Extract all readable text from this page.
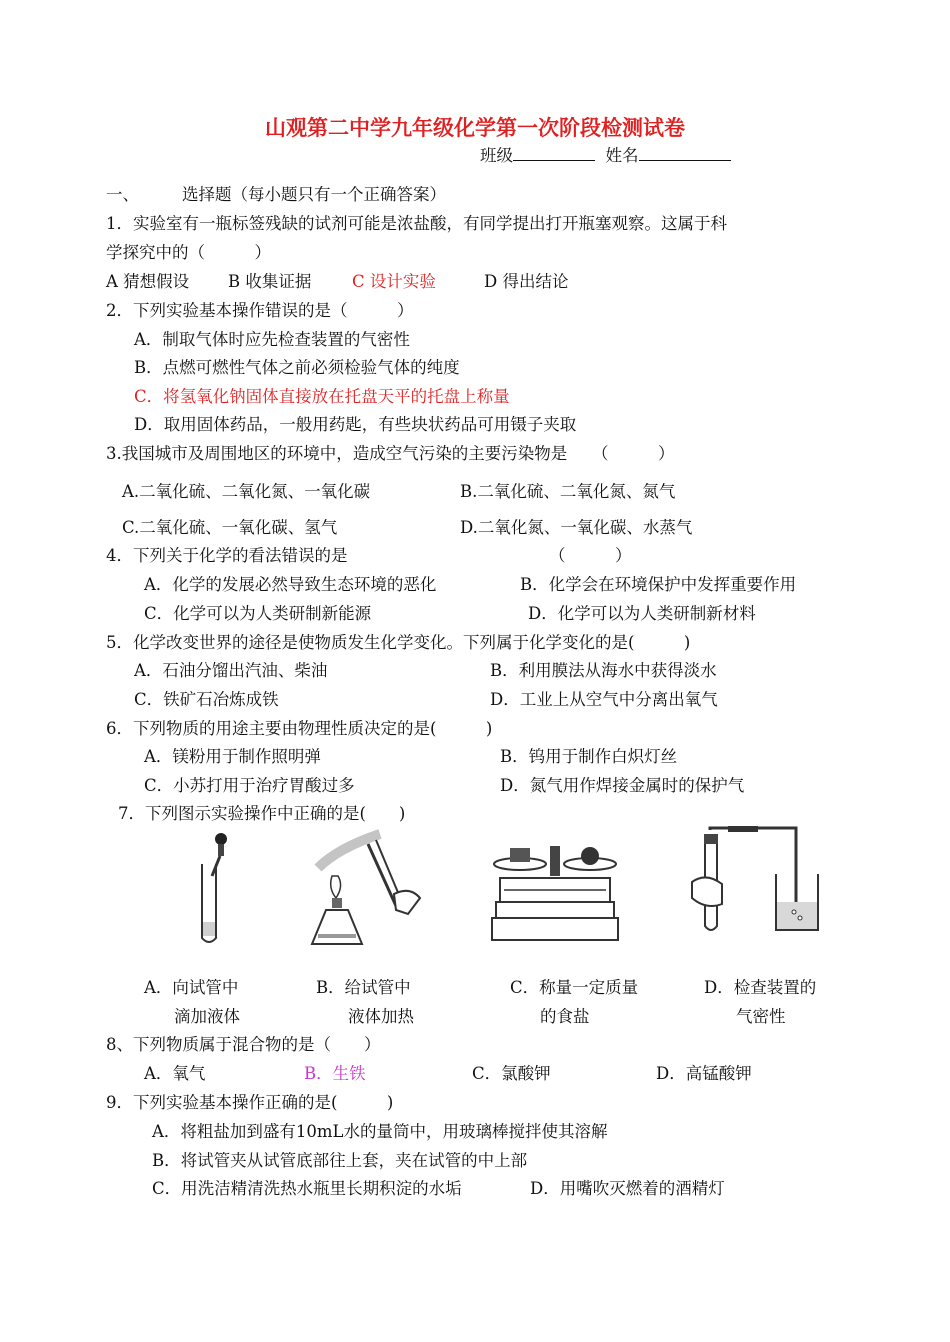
山观第二中学九年级化学第一次阶段检测试卷
班级	姓名
一、	选择题（每小题只有一个正确答案）
1．实验室有一瓶标签残缺的试剂可能是浓盐酸，有同学提出打开瓶塞观察。这属于科
学探究中的（　　　）
A 猜想假设 B 收集证据 C 设计实验	D 得出结论
2．下列实验基本操作错误的是（　　　）
A．制取气体时应先检查装置的气密性
B．点燃可燃性气体之前必须检验气体的纯度
C．将氢氧化钠固体直接放在托盘天平的托盘上称量
D．取用固体药品，一般用药匙，有些块状药品可用镊子夹取
3.我国城市及周围地区的环境中，造成空气污染的主要污染物是　　（　　　）
A.二氧化硫、二氧化氮、一氧化碳	B.二氧化硫、二氧化氮、氮气
C.二氧化硫、一氧化碳、氢气	D.二氧化氮、一氧化碳、水蒸气
4．下列关于化学的看法错误的是	（　　　）
A．化学的发展必然导致生态环境的恶化	B．化学会在环境保护中发挥重要作用
C．化学可以为人类研制新能源	D．化学可以为人类研制新材料
5．化学改变世界的途径是使物质发生化学变化。下列属于化学变化的是(　　　)
A．石油分馏出汽油、柴油	B．利用膜法从海水中获得淡水
C．铁矿石冶炼成铁	D．工业上从空气中分离出氧气
6．下列物质的用途主要由物理性质决定的是(　　　)
A．镁粉用于制作照明弹	B．钨用于制作白炽灯丝
C．小苏打用于治疗胃酸过多	D．氮气用作焊接金属时的保护气
7．下列图示实验操作中正确的是(　　)
A．向试管中
滴加液体
B．给试管中
液体加热
C．称量一定质量
的食盐
D．检查装置的
气密性
8、下列物质属于混合物的是（　　）
A．氧气	B．生铁	C．氯酸钾	D．高锰酸钾
9．下列实验基本操作正确的是(　　　)
A．将粗盐加到盛有10mL水的量筒中，用玻璃棒搅拌使其溶解
B．将试管夹从试管底部往上套，夹在试管的中上部
C．用洗洁精清洗热水瓶里长期积淀的水垢	D．用嘴吹灭燃着的酒精灯
